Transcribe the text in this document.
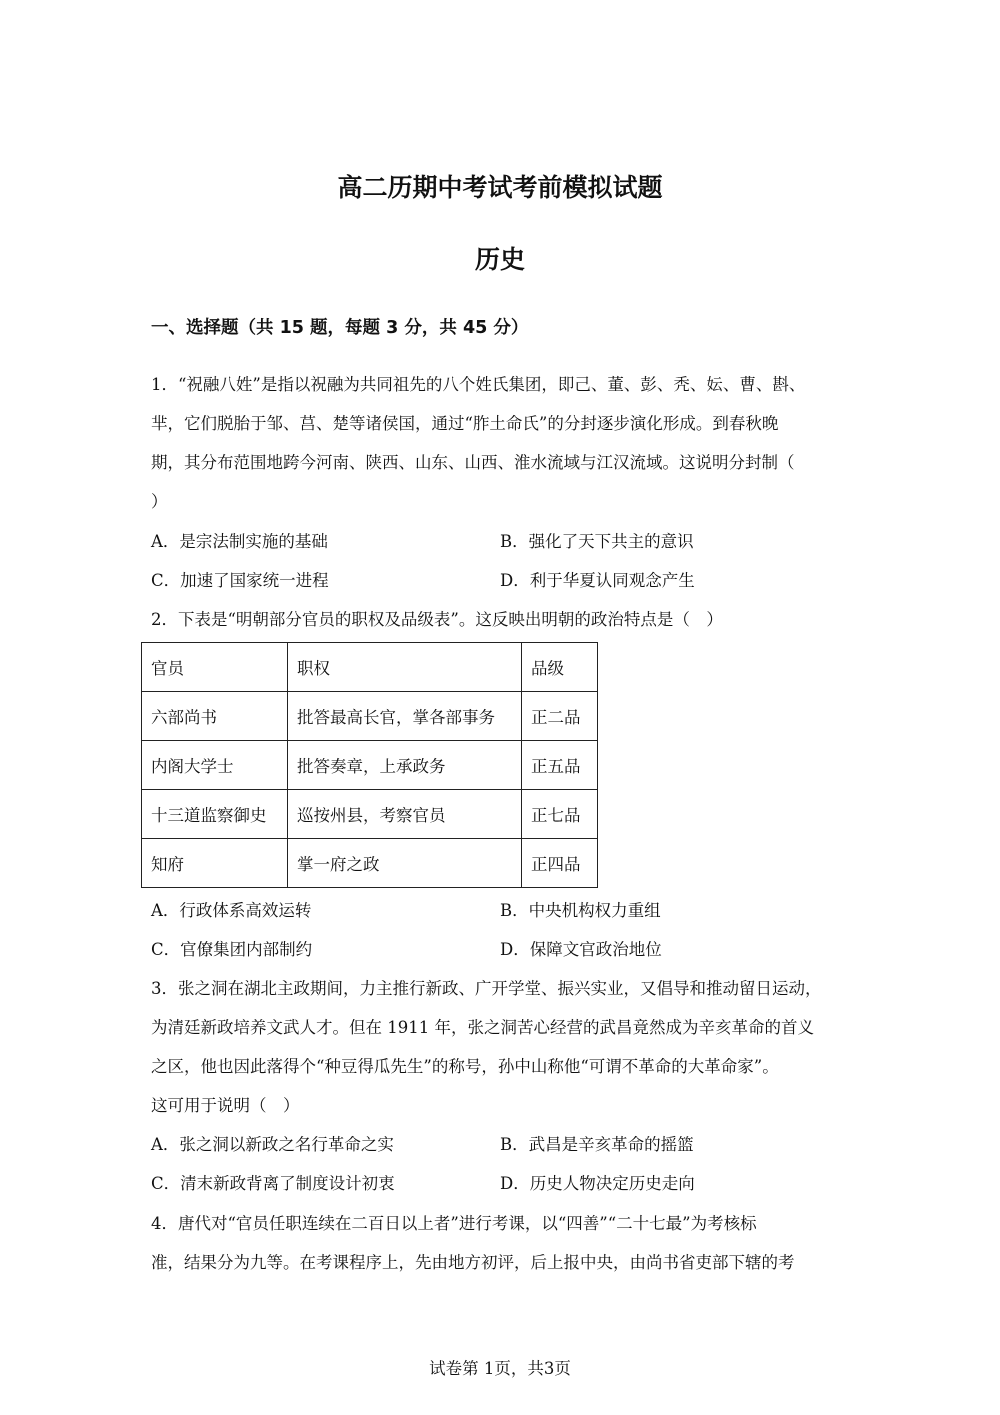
高二历期中考试考前模拟试题
历史
一、选择题（共 15 题，每题 3 分，共 45 分）
1．“祝融八姓”是指以祝融为共同祖先的八个姓氏集团，即己、董、彭、秃、妘、曹、斟、
芈，它们脱胎于邹、莒、楚等诸侯国，通过“胙土命氏”的分封逐步演化形成。到春秋晚
期，其分布范围地跨今河南、陕西、山东、山西、淮水流域与江汉流域。这说明分封制（
）
A．是宗法制实施的基础	B．强化了天下共主的意识
C．加速了国家统一进程	D．利于华夏认同观念产生
2．下表是“明朝部分官员的职权及品级表”。这反映出明朝的政治特点是（　）
官员	职权	品级
六部尚书	批答最高长官，掌各部事务	正二品
内阁大学士	批答奏章，上承政务	正五品
十三道监察御史	巡按州县，考察官员	正七品
知府	掌一府之政	正四品
A．行政体系高效运转	B．中央机构权力重组
C．官僚集团内部制约	D．保障文官政治地位
3．张之洞在湖北主政期间，力主推行新政、广开学堂、振兴实业，又倡导和推动留日运动，
为清廷新政培养文武人才。但在 1911 年，张之洞苦心经营的武昌竟然成为辛亥革命的首义
之区，他也因此落得个“种豆得瓜先生”的称号，孙中山称他“可谓不革命的大革命家”。
这可用于说明（　）
A．张之洞以新政之名行革命之实	B．武昌是辛亥革命的摇篮
C．清末新政背离了制度设计初衷	D．历史人物决定历史走向
4．唐代对“官员任职连续在二百日以上者”进行考课，以“四善”“二十七最”为考核标
准，结果分为九等。在考课程序上，先由地方初评，后上报中央，由尚书省吏部下辖的考
试卷第 1页，共3页
